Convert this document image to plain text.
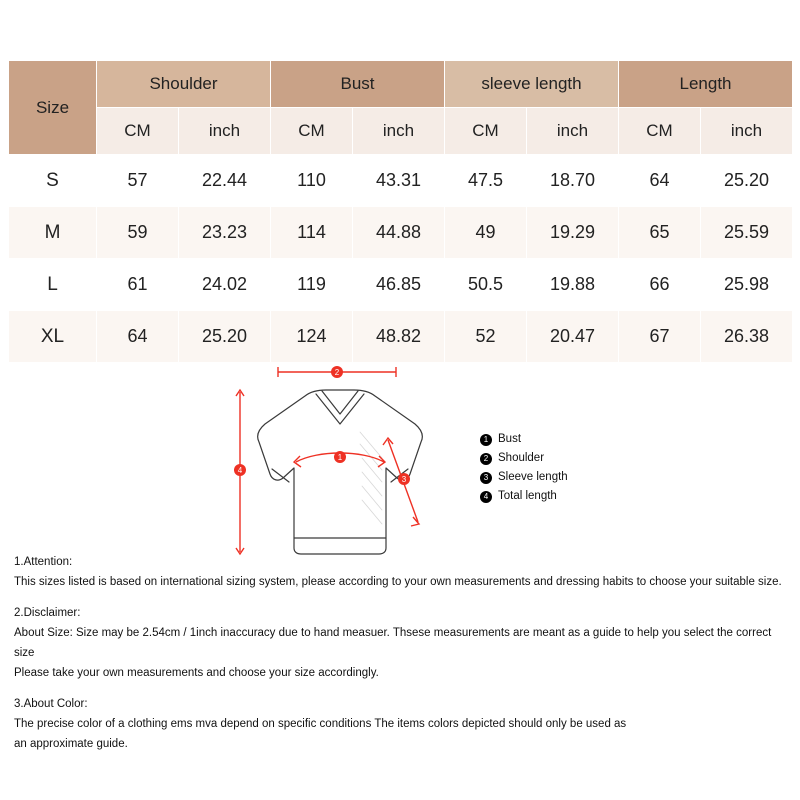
Size	Shoulder		Bust		sleeve length		Length	
	CM	inch	CM	inch	CM	inch	CM	inch
S	57	22.44	110	43.31	47.5	18.70	64	25.20
M	59	23.23	114	44.88	49	19.29	65	25.59
L	61	24.02	119	46.85	50.5	19.88	66	25.98
XL	64	25.20	124	48.82	52	20.47	67	26.38
2
4
1
3
1 Bust
2 Shoulder
3 Sleeve length
4 Total length

1.Attention:

This sizes listed is based on international sizing system, please according to your own measurements and dressing habits to choose your suitable size.

2.Disclaimer:

About Size: Size may be 2.54cm / 1inch inaccuracy due to hand measuer. Thsese measurements are meant as a guide to help you select the correct size

Please take your own measurements and choose your size accordingly.

3.About Color:

The precise color of a clothing ems mva depend on specific conditions The items colors depicted should only be used as

an approximate guide.
